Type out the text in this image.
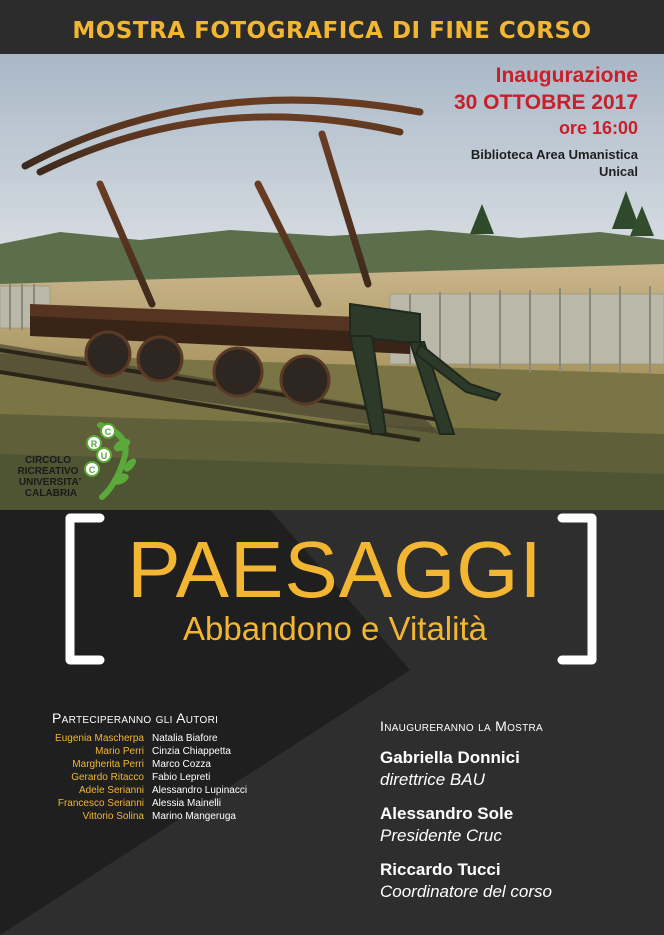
MOSTRA FOTOGRAFICA DI FINE CORSO
Inaugurazione
30 OTTOBRE 2017
ore 16:00
Biblioteca Area Umanistica
Unical
C
R
U
C
CIRCOLO
RICREATIVO
UNIVERSITA'
CALABRIA
PAESAGGI
Abbandono e Vitalità
Parteciperanno gli Autori
Eugenia Mascherpa
Mario Perri
Margherita Perri
Gerardo Ritacco
Adele Serianni
Francesco Serianni
Vittorio Solina
Natalia Biafore
Cinzia Chiappetta
Marco Cozza
Fabio Lepreti
Alessandro Lupinacci
Alessia Mainelli
Marino Mangeruga
Inaugureranno la Mostra
Gabriella Donnici
direttrice BAU
Alessandro Sole
Presidente Cruc
Riccardo Tucci
Coordinatore del corso
